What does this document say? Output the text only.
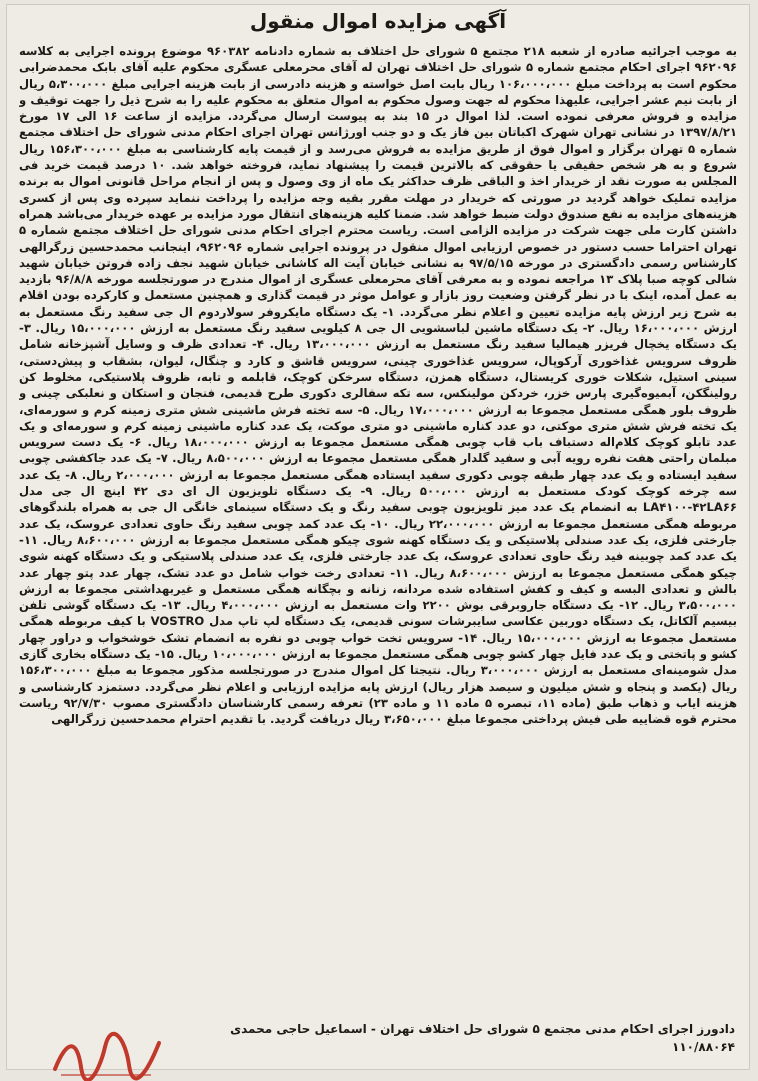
آگهی مزایده اموال منقول
به موجب اجرائیه صادره از شعبه ۲۱۸ مجتمع ۵ شورای حل اختلاف به شماره دادنامه ۹۶۰۳۸۲ موضوع پرونده اجرایی به کلاسه ۹۶۲۰۹۶ اجرای احکام مجتمع شماره ۵ شورای حل اختلاف تهران له آقای محرمعلی عسگری محکوم علیه آقای بابک محمدضرابی محکوم است به پرداخت مبلغ ۱۰۶،۰۰۰،۰۰۰ ریال بابت اصل خواسته و هزینه دادرسی از بابت هزینه اجرایی مبلغ ۵،۳۰۰،۰۰۰ ریال از بابت نیم عشر اجرایی، علیهذا محکوم له جهت وصول محکوم به اموال متعلق به محکوم علیه را به شرح ذیل را جهت توقیف و مزایده و فروش معرفی نموده است. لذا اموال در ۱۵ بند به پیوست ارسال می‌گردد. مزایده از ساعت ۱۶ الی ۱۷ مورخ ۱۳۹۷/۸/۲۱ در نشانی تهران شهرک اکباتان بین فاز یک و دو جنب اورژانس تهران اجرای احکام مدنی شورای حل اختلاف مجتمع شماره ۵ تهران برگزار و اموال فوق از طریق مزایده به فروش می‌رسد و از قیمت پایه کارشناسی به مبلغ ۱۵۶،۳۰۰،۰۰۰ ریال شروع و به هر شخص حقیقی یا حقوقی که بالاترین قیمت را پیشنهاد نماید، فروخته خواهد شد. ۱۰ درصد قیمت خرید فی المجلس به صورت نقد از خریدار اخذ و الباقی ظرف حداکثر یک ماه از وی وصول و پس از انجام مراحل قانونی اموال به برنده مزایده تملیک خواهد گردید در صورتی که خریدار در مهلت مقرر بقیه وجه مزایده را پرداخت ننماید سپرده وی پس از کسری هزینه‌های مزایده به نفع صندوق دولت ضبط خواهد شد. ضمنا کلیه هزینه‌های انتقال مورد مزایده بر عهده خریدار می‌باشد همراه داشتن کارت ملی جهت شرکت در مزایده الزامی است. ریاست محترم اجرای احکام مدنی شورای حل اختلاف مجتمع شماره ۵ تهران احتراما حسب دستور در خصوص ارزیابی اموال منقول در پرونده اجرایی شماره ۹۶۲۰۹۶، اینجانب محمدحسین زرگرالهی کارشناس رسمی دادگستری در مورخه ۹۷/۵/۱۵ به نشانی خیابان آیت اله کاشانی خیابان شهید نجف زاده فروتن خیابان شهید شالی کوچه صبا پلاک ۱۳ مراجعه نموده و به معرفی آقای محرمعلی عسگری از اموال مندرج در صورتجلسه مورخه ۹۶/۸/۸ بازدید به عمل آمده، اینک با در نظر گرفتن وضعیت روز بازار و عوامل موثر در قیمت گذاری و همچنین مستعمل و کارکرده بودن اقلام به شرح زیر ارزش پایه مزایده تعیین و اعلام نظر می‌گردد. ۱- یک دستگاه مایکروفر سولاردوم ال جی سفید رنگ مستعمل به ارزش ۱۶،۰۰۰،۰۰۰ ریال. ۲- یک دستگاه ماشین لباسشویی ال جی ۸ کیلویی سفید رنگ مستعمل به ارزش ۱۵،۰۰۰،۰۰۰ ریال. ۳- یک دستگاه یخچال فریزر هیمالیا سفید رنگ مستعمل به ارزش ۱۳،۰۰۰،۰۰۰ ریال. ۴- تعدادی ظرف و وسایل آشپزخانه شامل ظروف سرویس غذاخوری آرکوپال، سرویس غذاخوری چینی، سرویس قاشق و کارد و چنگال، لیوان، بشقاب و پیش‌دستی، سینی استیل، شکلات خوری کریستال، دستگاه همزن، دستگاه سرخکن کوچک، قابلمه و تابه، ظروف پلاستیکی، مخلوط کن رولینگکن، آبمیوه‌گیری پارس خزر، خردکن مولینکس، سه تکه سفالری دکوری طرح قدیمی، فنجان و استکان و نعلبکی چینی و ظروف بلور همگی مستعمل مجموعا به ارزش ۱۷،۰۰۰،۰۰۰ ریال. ۵- سه تخته فرش ماشینی شش متری زمینه کرم و سورمه‌ای، یک تخته فرش شش متری موکتی، دو عدد کناره ماشینی دو متری موکت، یک عدد کناره ماشینی زمینه کرم و سورمه‌ای و یک عدد تابلو کوچک کلام‌اله دستباف باب قاب چوبی همگی مستعمل مجموعا به ارزش ۱۸،۰۰۰،۰۰۰ ریال. ۶- یک دست سرویس مبلمان راحتی هفت نفره رویه آبی و سفید گلدار همگی مستعمل مجموعا به ارزش ۸،۵۰۰،۰۰۰ ریال. ۷- یک عدد جاکفشی چوبی سفید ایستاده و یک عدد چهار طبقه چوبی دکوری سفید ایستاده همگی مستعمل مجموعا به ارزش ۲،۰۰۰،۰۰۰ ریال. ۸- یک عدد سه چرخه کوچک کودک مستعمل به ارزش ۵۰۰،۰۰۰ ریال. ۹- یک دستگاه تلویزیون ال ای دی ۴۲ اینچ ال جی مدل LA۴۱۰۰-۴۲LA۶۶ به انضمام یک عدد میز تلویزیون چوبی سفید رنگ و یک دستگاه سینمای خانگی ال جی به همراه بلندگوهای مربوطه همگی مستعمل مجموعا به ارزش ۲۲،۰۰۰،۰۰۰ ریال. ۱۰- یک عدد کمد چوبی سفید رنگ حاوی تعدادی عروسک، یک عدد جارختی فلزی، یک عدد صندلی پلاستیکی و یک دستگاه کهنه شوی چیکو همگی مستعمل مجموعا به ارزش ۸،۶۰۰،۰۰۰ ریال. ۱۱- یک عدد کمد چوبینه فید رنگ حاوی تعدادی عروسک، یک عدد جارختی فلزی، یک عدد صندلی پلاستیکی و یک دستگاه کهنه شوی چیکو همگی مستعمل مجموعا به ارزش ۸،۶۰۰،۰۰۰ ریال. ۱۱- تعدادی رخت خواب شامل دو عدد تشک، چهار عدد پتو چهار عدد بالش و تعدادی البسه و کیف و کفش استفاده شده مردانه، زنانه و بچگانه همگی مستعمل و غیربهداشتی مجموعا به ارزش ۳،۵۰۰،۰۰۰ ریال. ۱۲- یک دستگاه جاروبرقی بوش ۲۲۰۰ وات مستعمل به ارزش ۴،۰۰۰،۰۰۰ ریال. ۱۳- یک دستگاه گوشی تلفن بیسیم آلکاتل، یک دستگاه دوربین عکاسی سایبرشات سونی قدیمی، یک دستگاه لپ تاپ مدل VOSTRO با کیف مربوطه همگی مستعمل مجموعا به ارزش ۱۵،۰۰۰،۰۰۰ ریال. ۱۴- سرویس تخت خواب چوبی دو نفره به انضمام تشک خوشخواب و دراور چهار کشو و پاتختی و یک عدد فایل چهار کشو چوبی همگی مستعمل مجموعا به ارزش ۱۰،۰۰۰،۰۰۰ ریال. ۱۵- یک دستگاه بخاری گازی مدل شومینه‌ای مستعمل به ارزش ۳،۰۰۰،۰۰۰ ریال. نتیجتا کل اموال مندرج در صورتجلسه مذکور مجموعا به مبلغ ۱۵۶،۳۰۰،۰۰۰ ریال (یکصد و پنجاه و شش میلیون و سیصد هزار ریال) ارزش پایه مزایده ارزیابی و اعلام نظر می‌گردد. دستمزد کارشناسی و هزینه ایاب و ذهاب طبق (ماده ۱۱، تبصره ۵ ماده ۱۱ و ماده ۲۳) تعرفه رسمی کارشناسان دادگستری مصوب ۹۲/۷/۳۰ ریاست محترم قوه قضاییه طی فیش پرداختی مجموعا مبلغ ۳،۶۵۰،۰۰۰ ریال دریافت گردید. با تقدیم احترام محمدحسین زرگرالهی
دادورز اجرای احکام مدنی مجتمع ۵ شورای حل اختلاف تهران - اسماعیل حاجی محمدی
۱۱۰/۸۸۰۶۴
